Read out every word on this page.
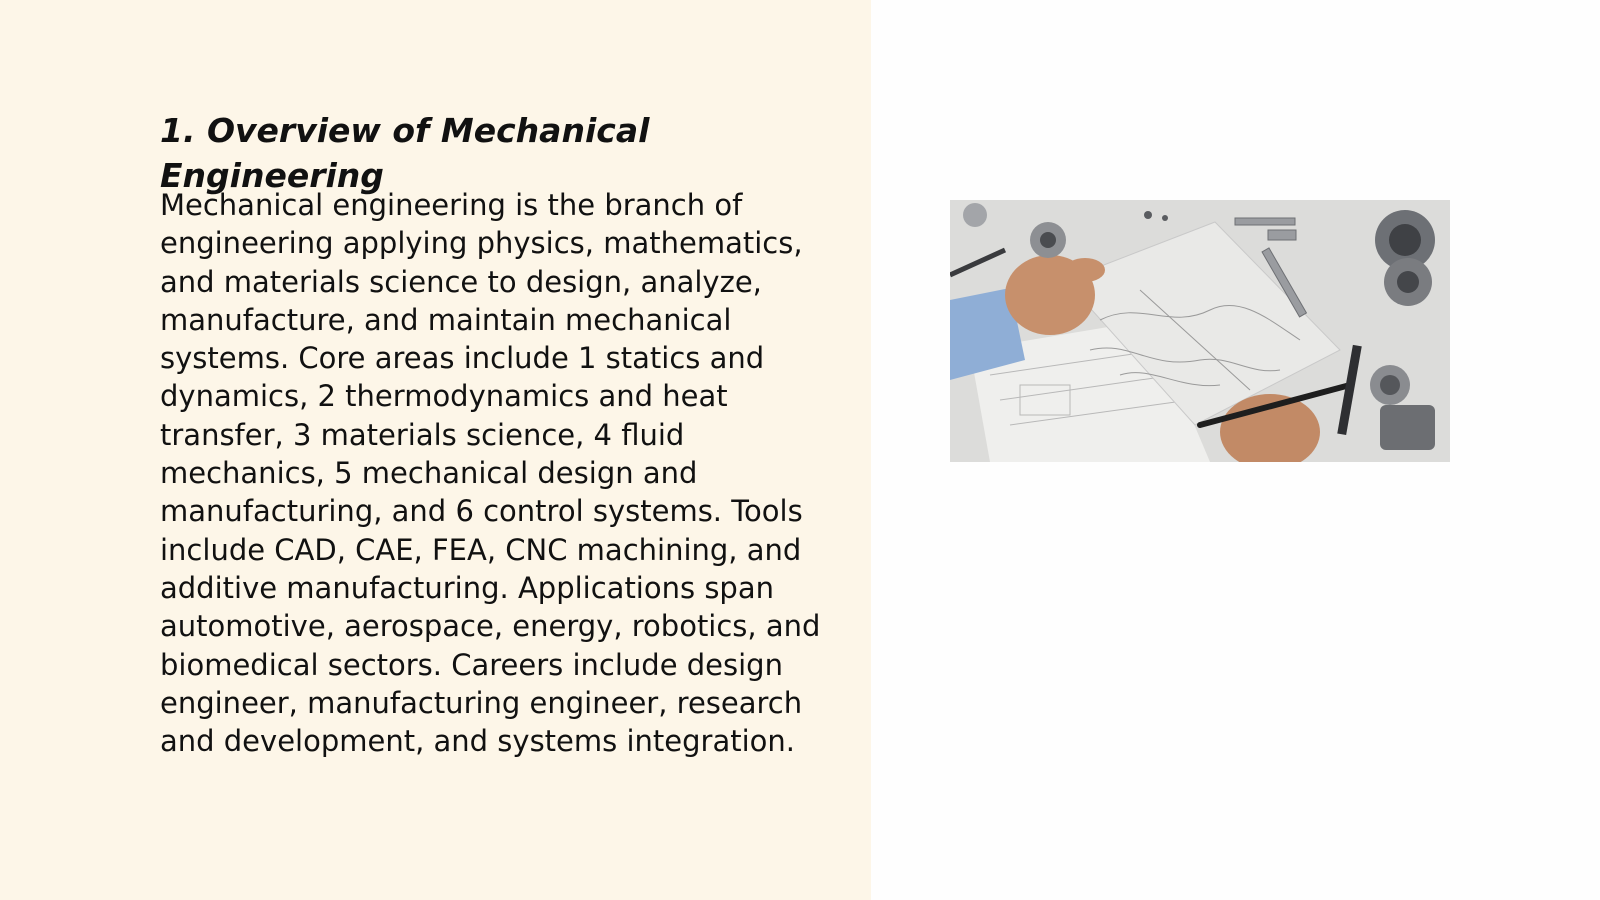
1. Overview of Mechanical Engineering

Mechanical engineering is the branch of engineering applying physics, mathematics, and materials science to design, analyze, manufacture, and maintain mechanical systems. Core areas include 1 statics and dynamics, 2 thermodynamics and heat transfer, 3 materials science, 4 fluid mechanics, 5 mechanical design and manufacturing, and 6 control systems. Tools include CAD, CAE, FEA, CNC machining, and additive manufacturing. Applications span automotive, aerospace, energy, robotics, and biomedical sectors. Careers include design engineer, manufacturing engineer, research and development, and systems integration.
